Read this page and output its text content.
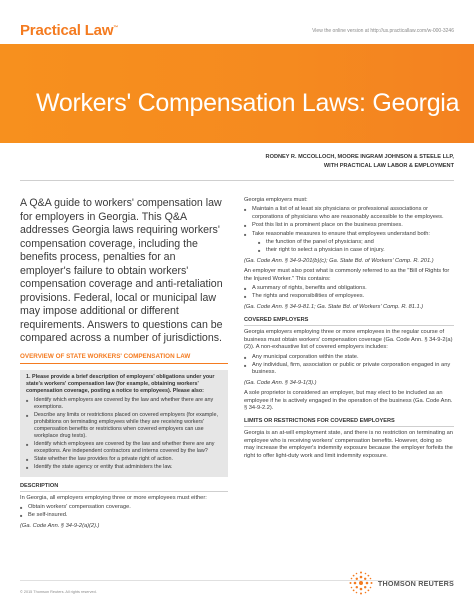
Practical Law™	View the online version at http://us.practicallaw.com/w-000-3246
Workers' Compensation Laws: Georgia
RODNEY R. MCCOLLOCH, MOORE INGRAM JOHNSON & STEELE LLP,
WITH PRACTICAL LAW LABOR & EMPLOYMENT
A Q&A guide to workers' compensation law for employers in Georgia. This Q&A addresses Georgia laws requiring workers' compensation coverage, including the benefits process, penalties for an employer's failure to obtain workers' compensation coverage and anti-retaliation provisions. Federal, local or municipal law may impose additional or different requirements. Answers to questions can be compared across a number of jurisdictions.
OVERVIEW OF STATE WORKERS' COMPENSATION LAW
1. Please provide a brief description of employers' obligations under your state's workers' compensation law (for example, obtaining workers' compensation coverage, posting a notice to employees). Please also:
■ Identify which employers are covered by the law and whether there are any exemptions.
■ Describe any limits or restrictions placed on covered employers (for example, prohibitions on terminating employees while they are receiving workers' compensation benefits or restrictions when covered employers can use workplace drug tests).
■ Identify which employees are covered by the law and whether there are any exceptions. Are independent contractors and interns covered by the law?
■ State whether the law provides for a private right of action.
■ Identify the state agency or entity that administers the law.
DESCRIPTION
In Georgia, all employers employing three or more employees must either:
■ Obtain workers' compensation coverage.
■ Be self-insured.
(Ga. Code Ann. § 34-9-2(a)(2).)
Georgia employers must:
■ Maintain a list of at least six physicians or professional associations or corporations of physicians who are reasonably accessible to the employees.
■ Post this list in a prominent place on the business premises.
■ Take reasonable measures to ensure that employees understand both:
■ the function of the panel of physicians; and
■ their right to select a physician in case of injury.
(Ga. Code Ann. § 34-9-201(b)(c); Ga. State Bd. of Workers' Comp. R. 201.)
An employer must also post what is commonly referred to as the "Bill of Rights for the Injured Worker." This contains:
■ A summary of rights, benefits and obligations.
■ The rights and responsibilities of employees.
(Ga. Code Ann. § 34-9-81.1; Ga. State Bd. of Workers' Comp. R. 81.1.)
COVERED EMPLOYERS
Georgia employers employing three or more employees in the regular course of business must obtain workers' compensation coverage (Ga. Code Ann. § 34-9-2(a)(2)). A non-exhaustive list of covered employers includes:
■ Any municipal corporation within the state.
■ Any individual, firm, association or public or private corporation engaged in any business.
(Ga. Code Ann. § 34-9-1(3).)
A sole proprietor is considered an employer, but may elect to be included as an employee if he is actively engaged in the operation of the business (Ga. Code Ann. § 34-9-2.2).
LIMITS OR RESTRICTIONS FOR COVERED EMPLOYERS
Georgia is an at-will employment state, and there is no restriction on terminating an employee who is receiving workers' compensation benefits. However, doing so may increase the employer's indemnity exposure because the employer forfeits the right to offer light-duty work and limit indemnity exposure.
© 2015 Thomson Reuters. All rights reserved.
THOMSON REUTERS
